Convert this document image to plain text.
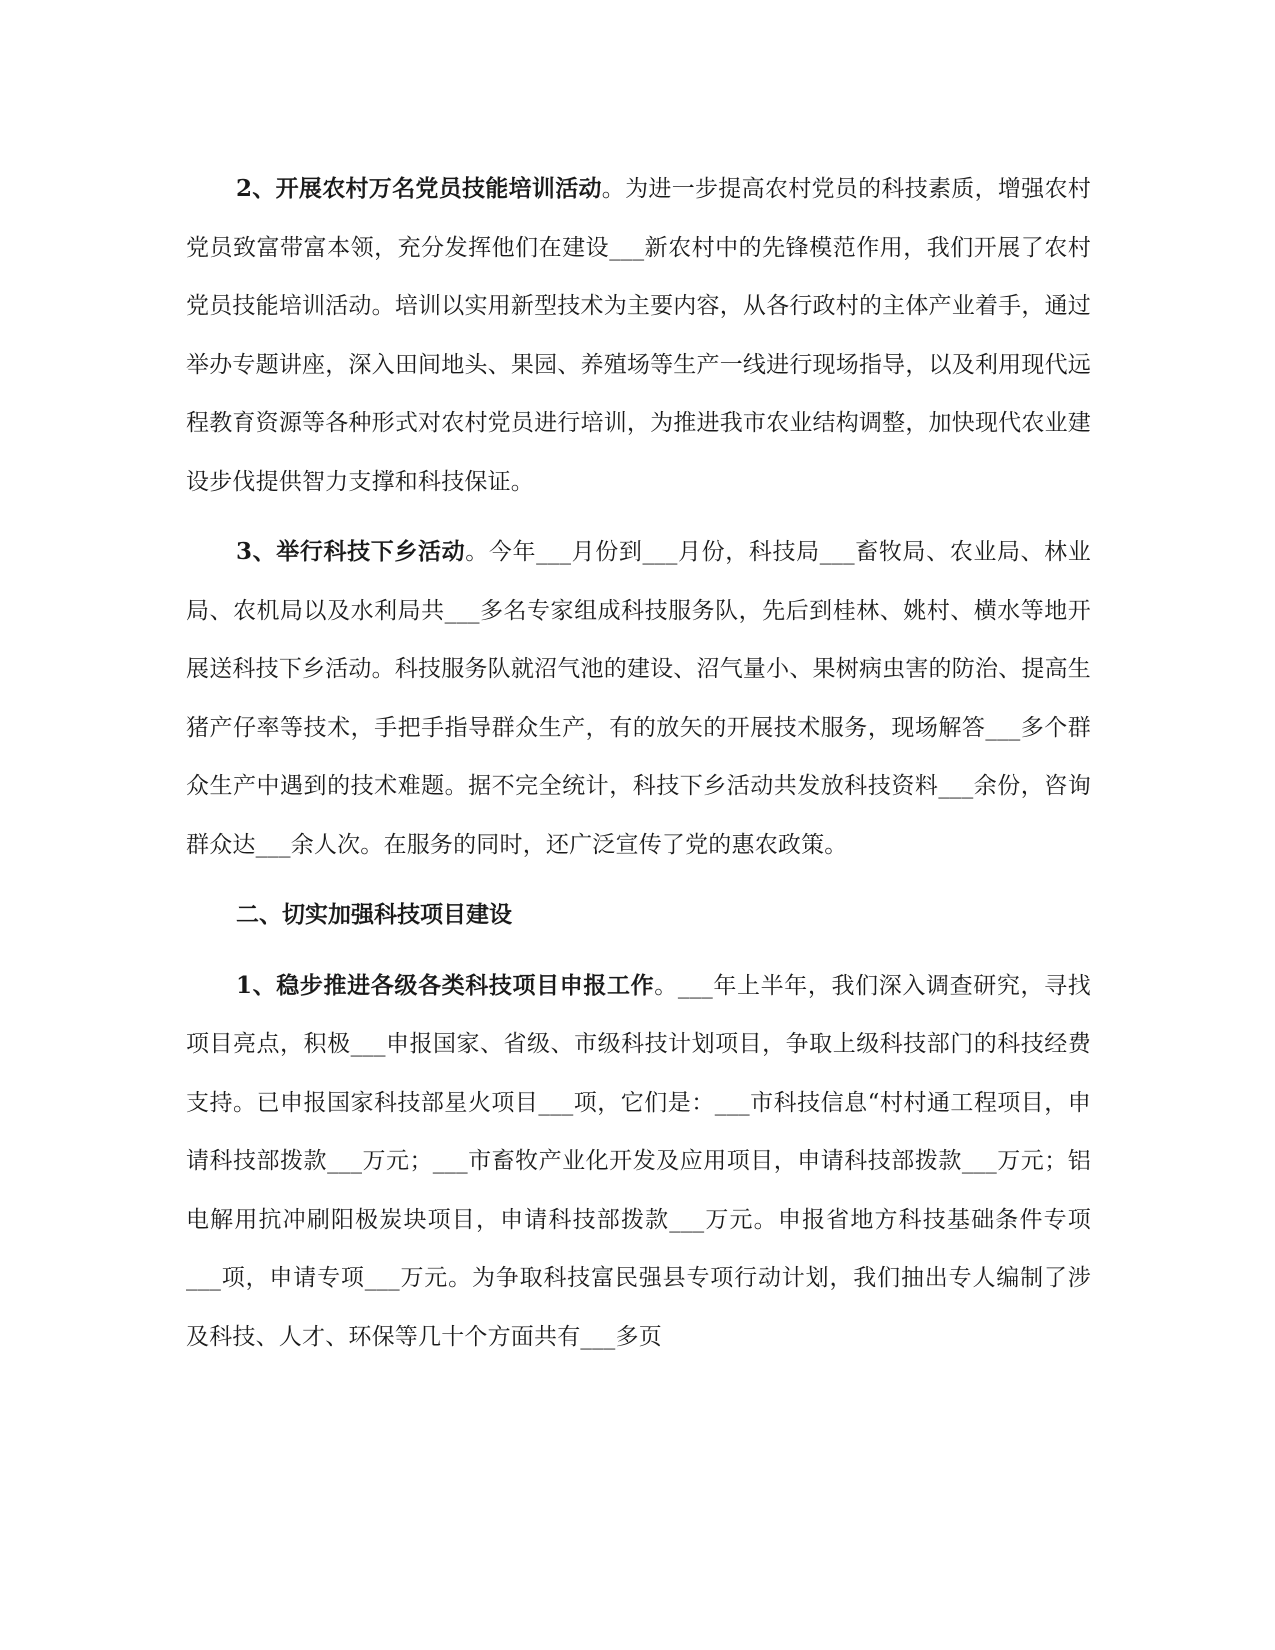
2、开展农村万名党员技能培训活动。为进一步提高农村党员的科技素质，增强农村党员致富带富本领，充分发挥他们在建设___新农村中的先锋模范作用，我们开展了农村党员技能培训活动。培训以实用新型技术为主要内容，从各行政村的主体产业着手，通过举办专题讲座，深入田间地头、果园、养殖场等生产一线进行现场指导，以及利用现代远程教育资源等各种形式对农村党员进行培训，为推进我市农业结构调整，加快现代农业建设步伐提供智力支撑和科技保证。

3、举行科技下乡活动。今年___月份到___月份，科技局___畜牧局、农业局、林业局、农机局以及水利局共___多名专家组成科技服务队，先后到桂林、姚村、横水等地开展送科技下乡活动。科技服务队就沼气池的建设、沼气量小、果树病虫害的防治、提高生猪产仔率等技术，手把手指导群众生产，有的放矢的开展技术服务，现场解答___多个群众生产中遇到的技术难题。据不完全统计，科技下乡活动共发放科技资料___余份，咨询群众达___余人次。在服务的同时，还广泛宣传了党的惠农政策。

二、切实加强科技项目建设

1、稳步推进各级各类科技项目申报工作。___年上半年，我们深入调查研究，寻找项目亮点，积极___申报国家、省级、市级科技计划项目，争取上级科技部门的科技经费支持。已申报国家科技部星火项目___项，它们是：___市科技信息“村村通工程项目，申请科技部拨款___万元；___市畜牧产业化开发及应用项目，申请科技部拨款___万元；铝电解用抗冲刷阳极炭块项目，申请科技部拨款___万元。申报省地方科技基础条件专项___项，申请专项___万元。为争取科技富民强县专项行动计划，我们抽出专人编制了涉及科技、人才、环保等几十个方面共有___多页
